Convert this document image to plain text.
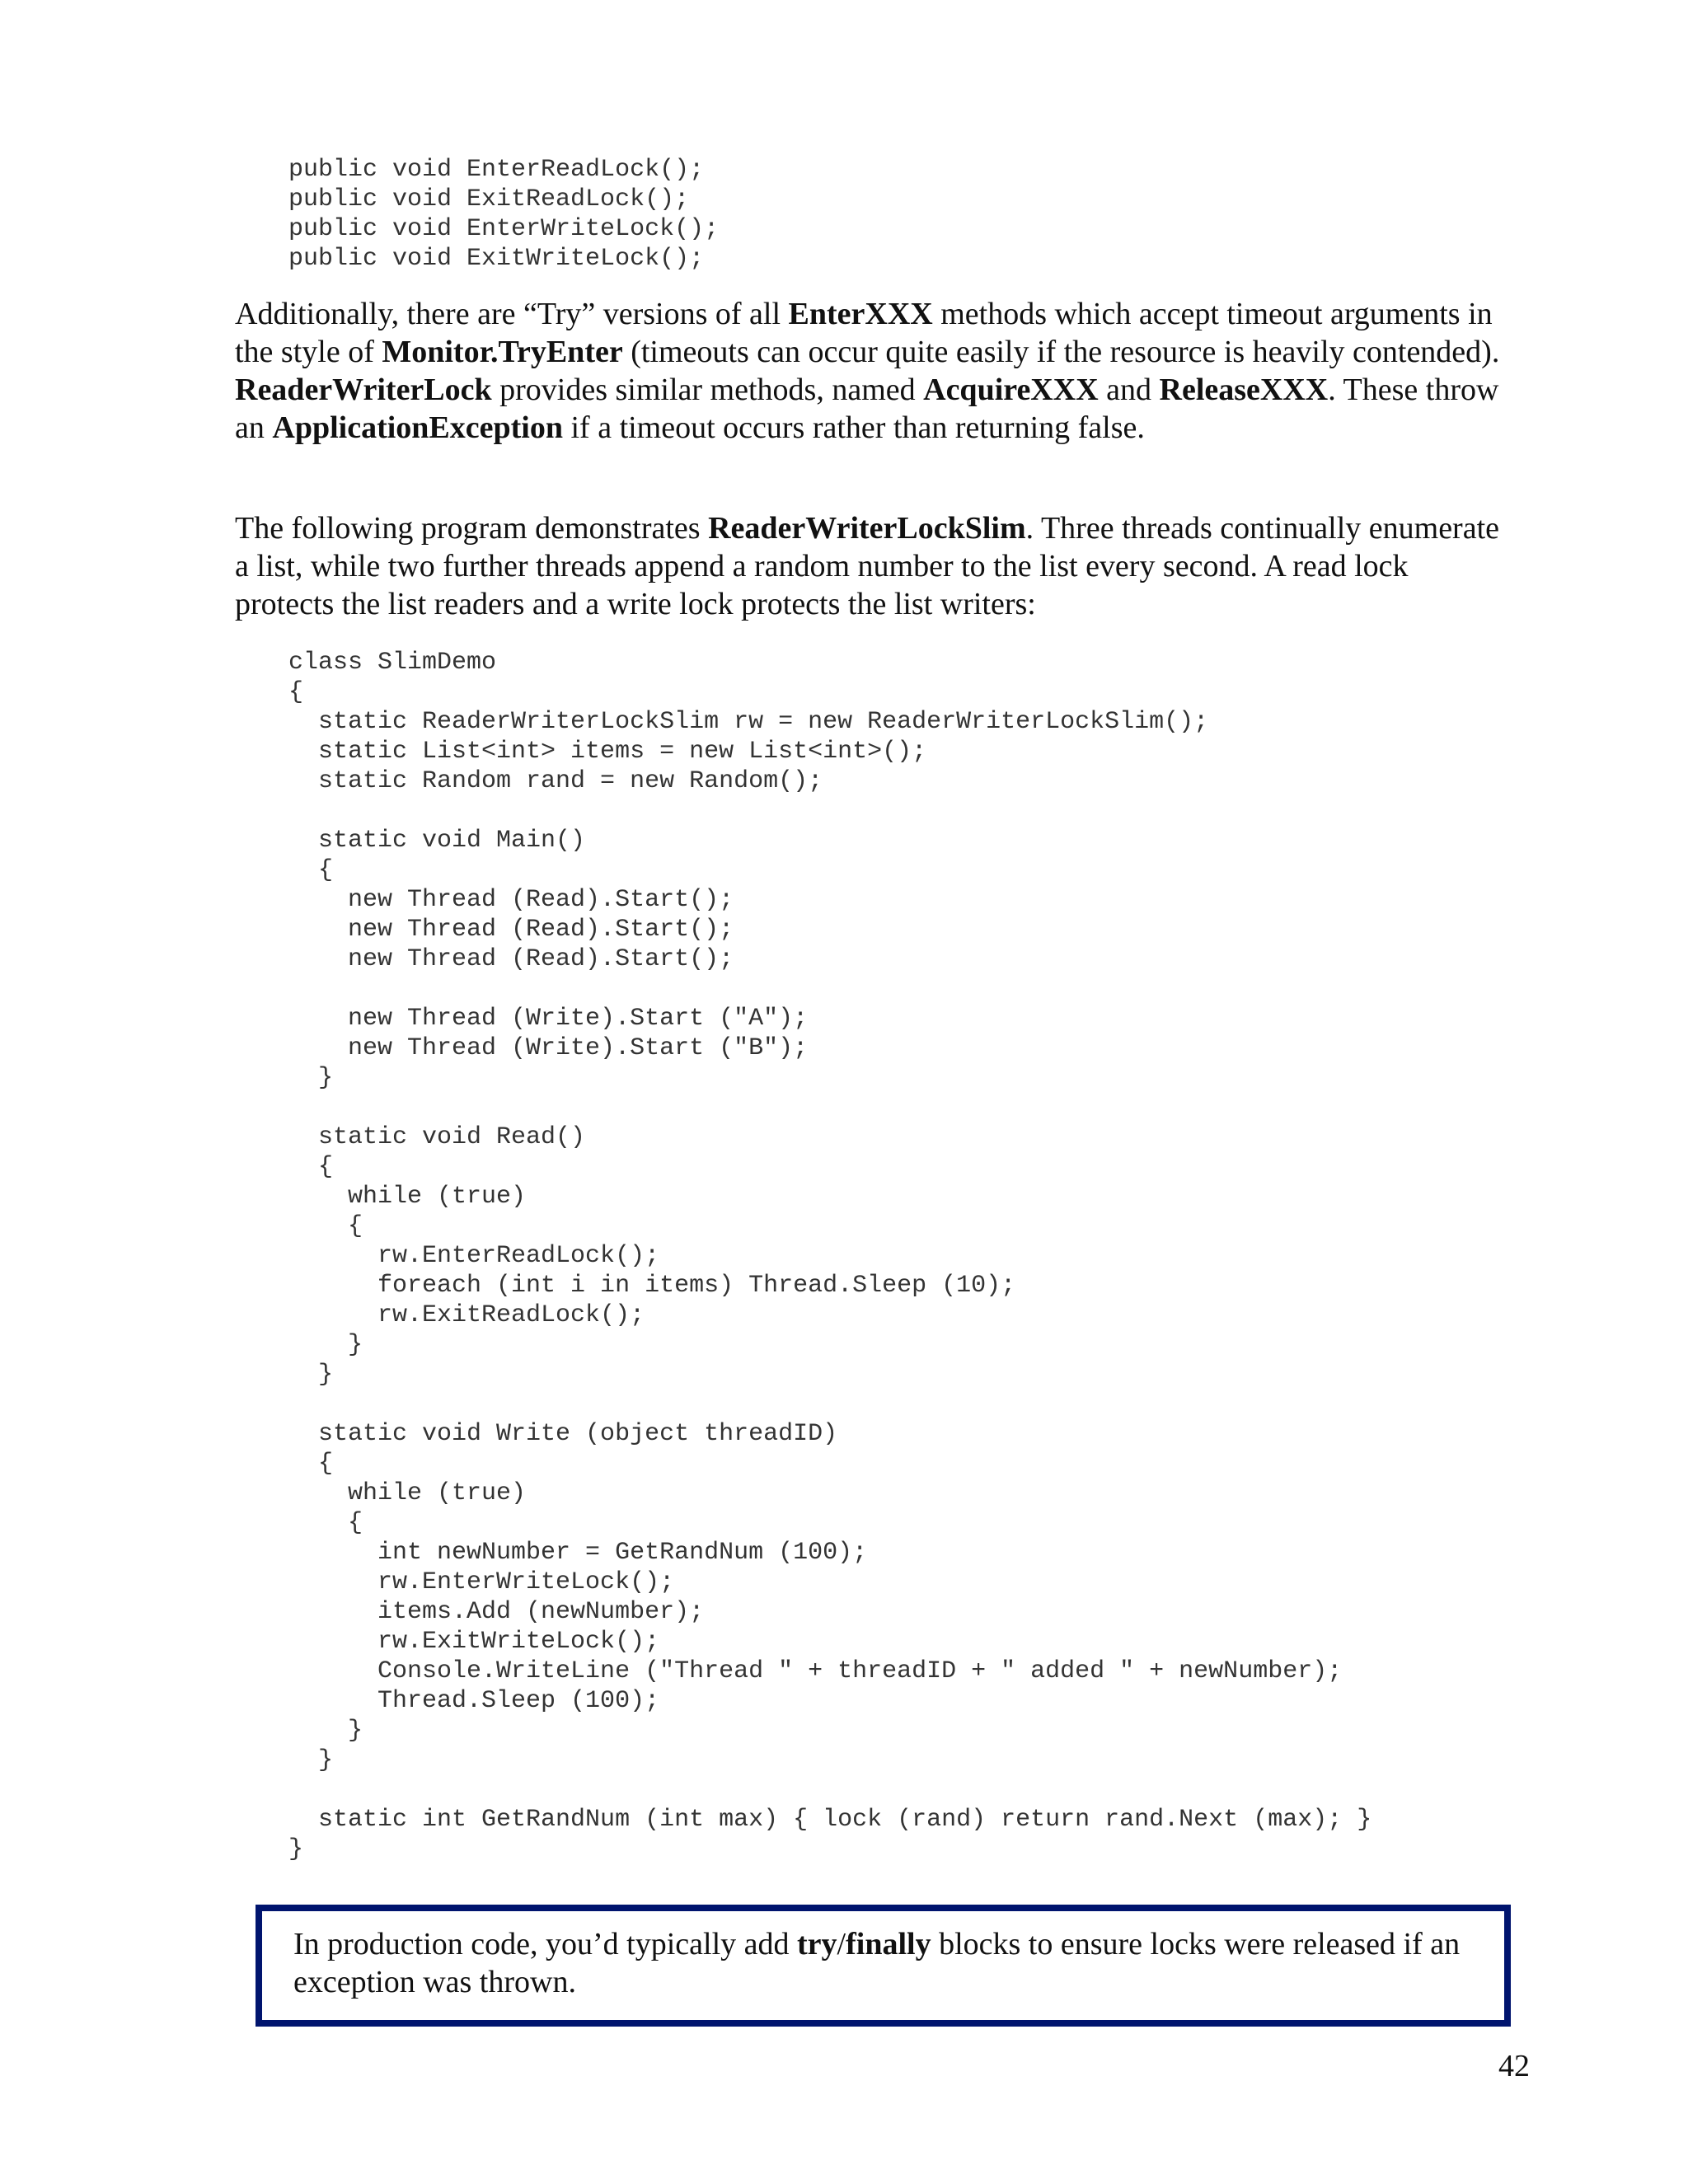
public void EnterReadLock();
public void ExitReadLock();
public void EnterWriteLock();
public void ExitWriteLock();

Additionally, there are “Try” versions of all EnterXXX methods which accept timeout arguments in the style of Monitor.TryEnter (timeouts can occur quite easily if the resource is heavily contended). ReaderWriterLock provides similar methods, named AcquireXXX and ReleaseXXX. These throw an ApplicationException if a timeout occurs rather than returning false.

The following program demonstrates ReaderWriterLockSlim. Three threads continually enumerate a list, while two further threads append a random number to the list every second. A read lock protects the list readers and a write lock protects the list writers:

class SlimDemo
{
static ReaderWriterLockSlim rw = new ReaderWriterLockSlim();
static List<int> items = new List<int>();
static Random rand = new Random();

static void Main()
{
new Thread (Read).Start();
new Thread (Read).Start();
new Thread (Read).Start();

new Thread (Write).Start ("A");
new Thread (Write).Start ("B");
}

static void Read()
{
while (true)
{
rw.EnterReadLock();
foreach (int i in items) Thread.Sleep (10);
rw.ExitReadLock();
}
}

static void Write (object threadID)
{
while (true)
{
int newNumber = GetRandNum (100);
rw.EnterWriteLock();
items.Add (newNumber);
rw.ExitWriteLock();
Console.WriteLine ("Thread " + threadID + " added " + newNumber);
Thread.Sleep (100);
}
}

static int GetRandNum (int max) { lock (rand) return rand.Next (max); }
}

In production code, you’d typically add try/finally blocks to ensure locks were released if an exception was thrown.

42
